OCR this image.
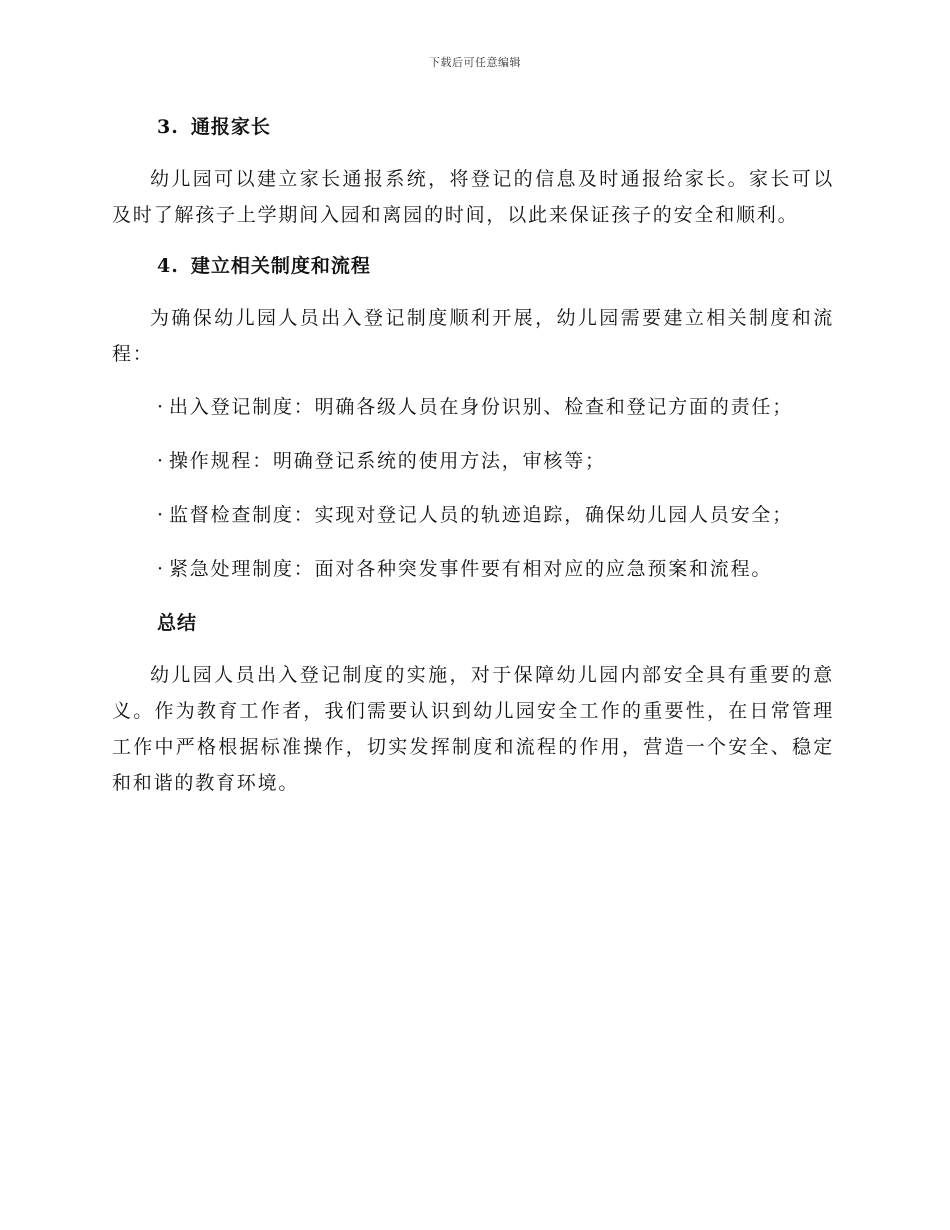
下载后可任意编辑
3. 通报家长

幼儿园可以建立家长通报系统，将登记的信息及时通报给家长。家长可以及时了解孩子上学期间入园和离园的时间，以此来保证孩子的安全和顺利。

4. 建立相关制度和流程

为确保幼儿园人员出入登记制度顺利开展，幼儿园需要建立相关制度和流程：

· 出入登记制度：明确各级人员在身份识别、检查和登记方面的责任；
· 操作规程：明确登记系统的使用方法，审核等；
· 监督检查制度：实现对登记人员的轨迹追踪，确保幼儿园人员安全；
· 紧急处理制度：面对各种突发事件要有相对应的应急预案和流程。
总结

幼儿园人员出入登记制度的实施，对于保障幼儿园内部安全具有重要的意义。作为教育工作者，我们需要认识到幼儿园安全工作的重要性，在日常管理工作中严格根据标准操作，切实发挥制度和流程的作用，营造一个安全、稳定和和谐的教育环境。
